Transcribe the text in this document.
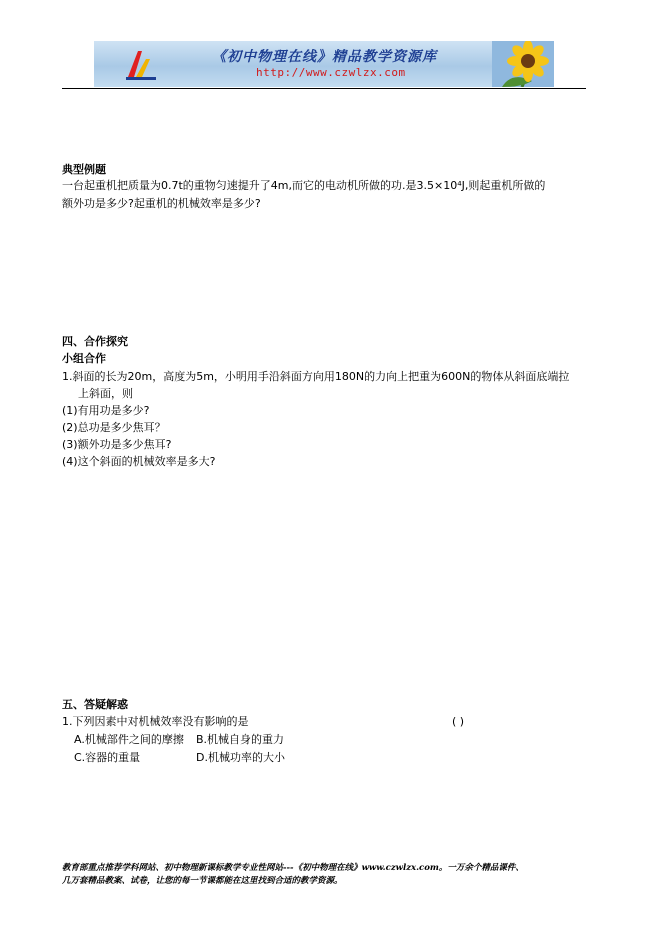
《初中物理在线》精品教学资源库
http://www.czwlzx.com
典型例题
一台起重机把质量为0.7t的重物匀速提升了4m,而它的电动机所做的功.是3.5×10⁴J,则起重机所做的
额外功是多少?起重机的机械效率是多少?
四、合作探究
小组合作
1.斜面的长为20m，高度为5m，小明用手沿斜面方向用180N的力向上把重为600N的物体从斜面底端拉
上斜面，则
(1)有用功是多少?
(2)总功是多少焦耳？
(3)额外功是多少焦耳?
(4)这个斜面的机械效率是多大?
五、答疑解惑
1.下列因素中对机械效率没有影响的是	( )
A.机械部件之间的摩擦 B.机械自身的重力
C.容器的重量	D.机械功率的大小
教育部重点推荐学科网站、初中物理新课标教学专业性网站---《初中物理在线》www.czwlzx.com。一万余个精品课件、
几万套精品教案、试卷，让您的每一节课都能在这里找到合适的教学资源。
